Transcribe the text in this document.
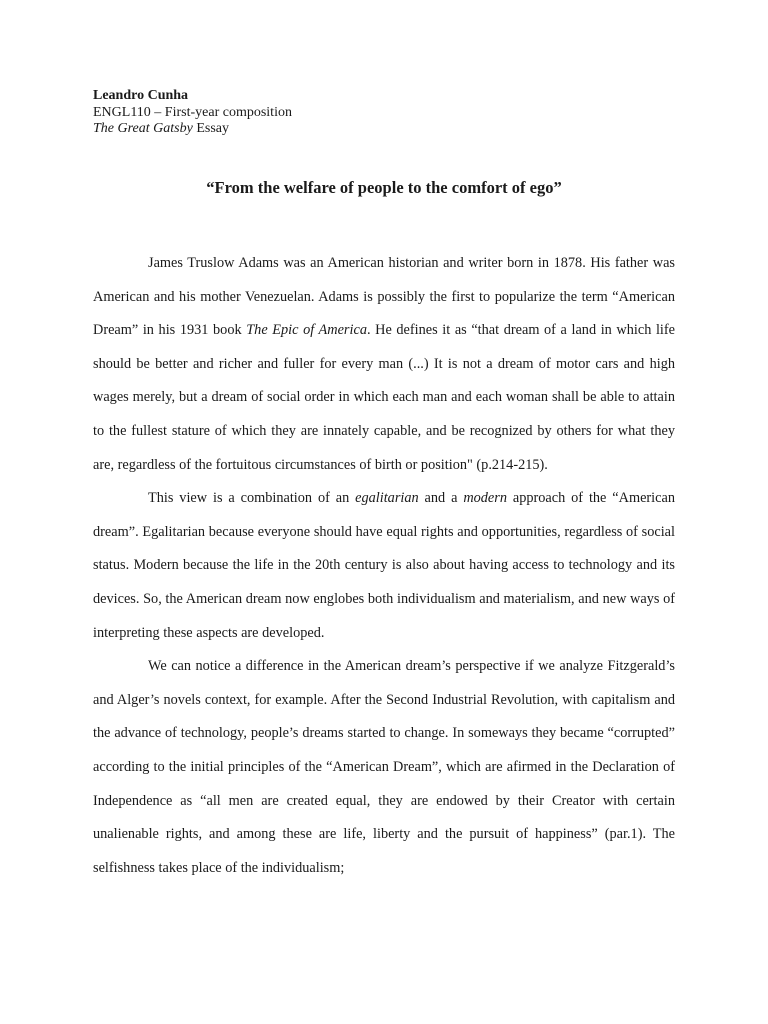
Leandro Cunha
ENGL110 – First-year composition
The Great Gatsby Essay
“From the welfare of people to the comfort of ego”

James Truslow Adams was an American historian and writer born in 1878. His father was American and his mother Venezuelan. Adams is possibly the first to popularize the term “American Dream” in his 1931 book The Epic of America. He defines it as “that dream of a land in which life should be better and richer and fuller for every man (...) It is not a dream of motor cars and high wages merely, but a dream of social order in which each man and each woman shall be able to attain to the fullest stature of which they are innately capable, and be recognized by others for what they are, regardless of the fortuitous circumstances of birth or position" (p.214-215).

This view is a combination of an egalitarian and a modern approach of the “American dream”. Egalitarian because everyone should have equal rights and opportunities, regardless of social status. Modern because the life in the 20th century is also about having access to technology and its devices. So, the American dream now englobes both individualism and materialism, and new ways of interpreting these aspects are developed.

We can notice a difference in the American dream’s perspective if we analyze Fitzgerald’s and Alger’s novels context, for example. After the Second Industrial Revolution, with capitalism and the advance of technology, people’s dreams started to change. In someways they became “corrupted” according to the initial principles of the “American Dream”, which are afirmed in the Declaration of Independence as “all men are created equal, they are endowed by their Creator with certain unalienable rights, and among these are life, liberty and the pursuit of happiness” (par.1). The selfishness takes place of the individualism;
